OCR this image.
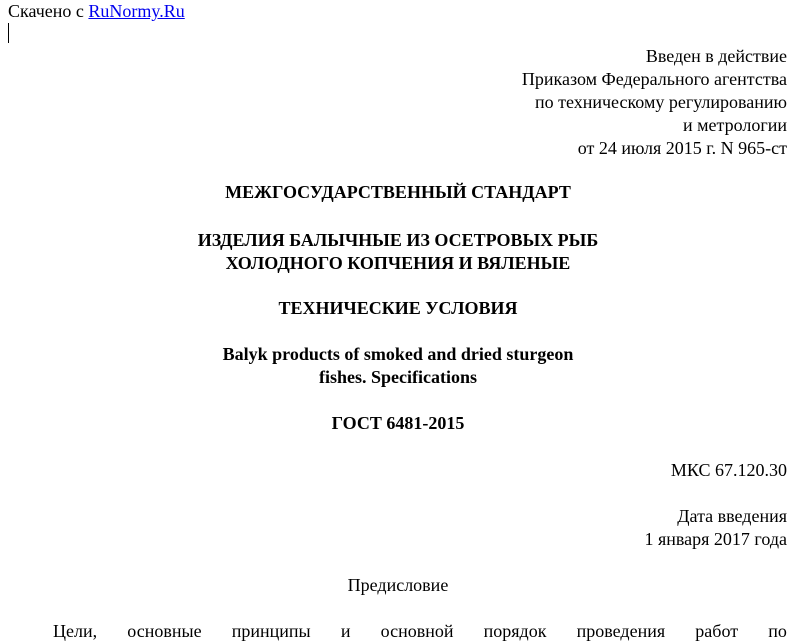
Скачено с RuNormy.Ru
Введен в действие
Приказом Федерального агентства
по техническому регулированию
и метрологии
от 24 июля 2015 г. N 965-ст
МЕЖГОСУДАРСТВЕННЫЙ СТАНДАРТ
ИЗДЕЛИЯ БАЛЫЧНЫЕ ИЗ ОСЕТРОВЫХ РЫБ
ХОЛОДНОГО КОПЧЕНИЯ И ВЯЛЕНЫЕ
ТЕХНИЧЕСКИЕ УСЛОВИЯ
Balyk products of smoked and dried sturgeon
fishes. Specifications
ГОСТ 6481-2015
МКС 67.120.30
Дата введения
1 января 2017 года
Предисловие
Цели, основные принципы и основной порядок проведения работ по
